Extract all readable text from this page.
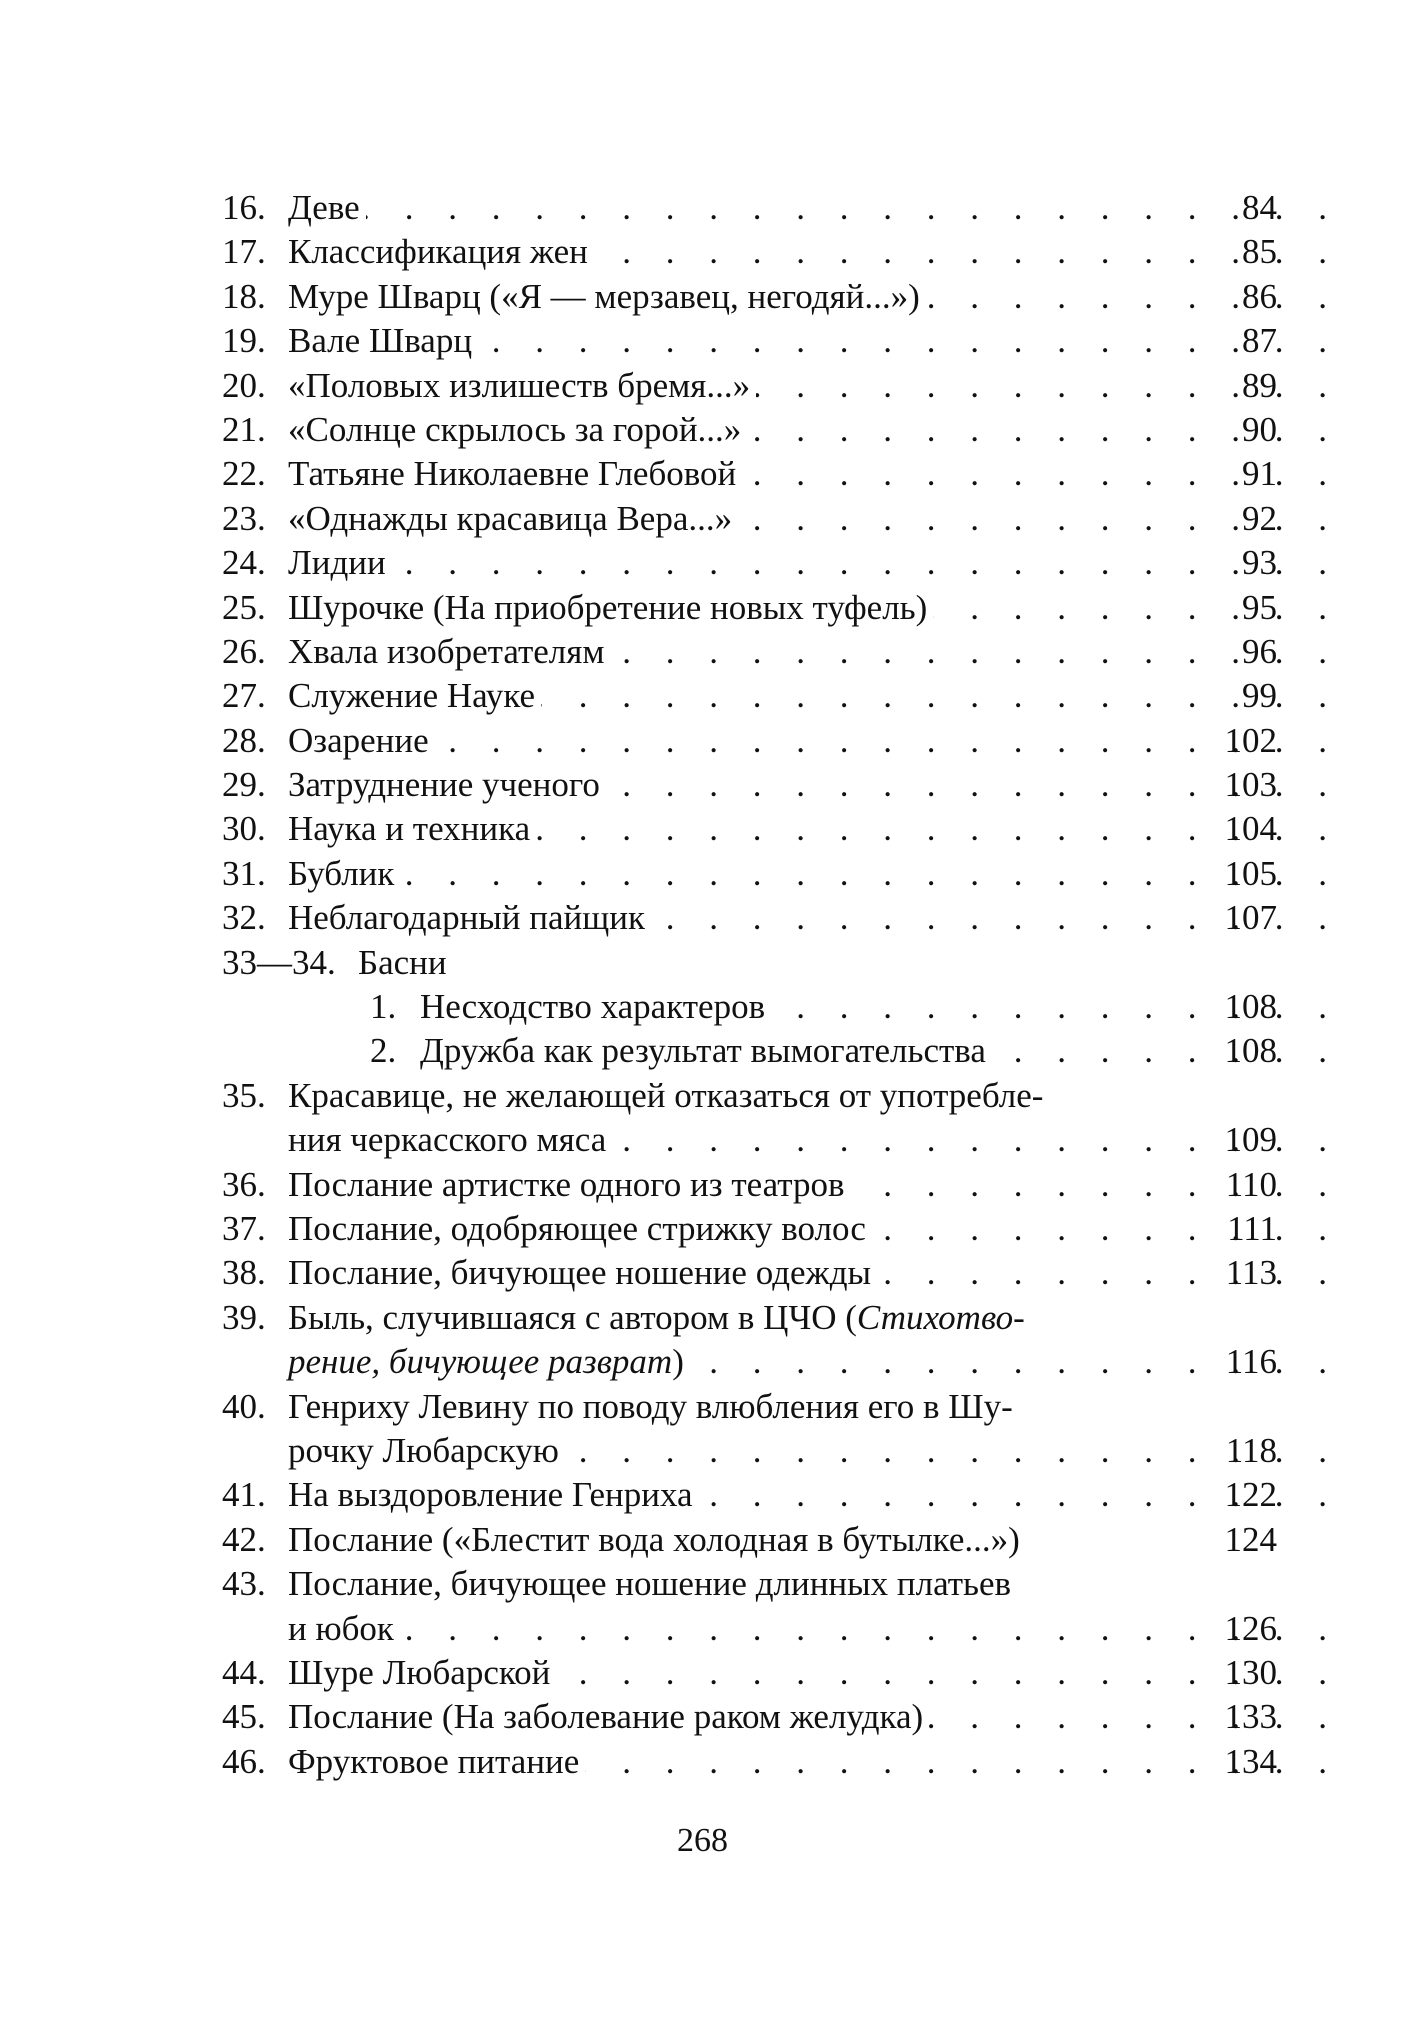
16. Деве . . .	84
17. Классификация жен . . .	85
18. Муре Шварц («Я — мерзавец, негодяй...») . . .	86
19. Вале Шварц . . .	87
20. «Половых излишеств бремя...» . . .	89
21. «Солнце скрылось за горой...» . . .	90
22. Татьяне Николаевне Глебовой . . .	91
23. «Однажды красавица Вера...» . . .	92
24. Лидии . . .	93
25. Шурочке (На приобретение новых туфель) . . .	95
26. Хвала изобретателям . . .	96
27. Служение Науке . . .	99
28. Озарение . . .	102
29. Затруднение ученого . . .	103
30. Наука и техника . . .	104
31. Бублик . . .	105
32. Неблагодарный пайщик . . .	107
33—34. Басни
1. Несходство характеров . . .	108
2. Дружба как результат вымогательства . . .	108
35. Красавице, не желающей отказаться от употребле-
ния черкасского мяса . . .	109
36. Послание артистке одного из театров . . .	110
37. Послание, одобряющее стрижку волос . . .	111
38. Послание, бичующее ношение одежды . . .	113
39. Быль, случившаяся с автором в ЦЧО (Стихотво-
рение, бичующее разврат) . . .	116
40. Генриху Левину по поводу влюбления его в Шу-
рочку Любарскую . . .	118
41. На выздоровление Генриха . . .	122
42. Послание («Блестит вода холодная в бутылке...»)	124
43. Послание, бичующее ношение длинных платьев
и юбок . . .	126
44. Шуре Любарской . . .	130
45. Послание (На заболевание раком желудка) . . .	133
46. Фруктовое питание . . .	134
268
